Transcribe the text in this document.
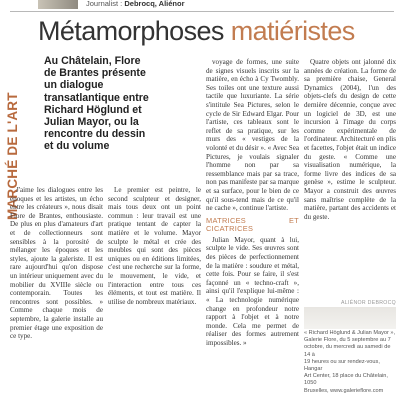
Journalist : Debrocq, Aliénor
MARCHÉ DE L'ART
Métamorphoses matiéristes
Au Châtelain, Flore de Brantes présente un dialogue transatlantique entre Richard Höglund et Julian Mayor, ou la rencontre du dessin et du volume

J'aime les dialogues entre les époques et les artistes, un écho entre les créateurs », nous disait Flore de Brantes, enthousiaste. De plus en plus d'amateurs d'art et de collectionneurs sont sensibles à la porosité de mélanger les époques et les styles, ajoute la galeriste. Il est rare aujourd'hui qu'on dispose un intérieur uniquement avec du mobilier du XVIIIe siècle ou contemporain. Toutes les rencontres sont possibles. » Comme chaque mois de septembre, la galerie installe au premier étage une exposition de ce type.

Le premier est peintre, le second sculpteur et designer, mais tous deux ont un point commun : leur travail est une pratique tentant de capter la matière et le volume. Mayor sculpte le métal et crée des meubles qui sont des pièces uniques ou en éditions limitées, c'est une recherche sur la forme, le mouvement, le vide, et l'interaction entre tous ces éléments, et tout est matière. Il utilise de nombreux matériaux.

voyage de formes, une suite de signes visuels inscrits sur la matière, en écho à Cy Twombly. Ses toiles ont une texture aussi tactile que luxuriante. La série s'intitule Sea Pictures, selon le cycle de Sir Edward Elgar. Pour l'artiste, ces tableaux sont le reflet de sa pratique, sur les murs des « vestiges de la volonté et du désir ». « Avec Sea Pictures, je voulais signaler l'homme non par sa ressemblance mais par sa trace, non pas manifeste par sa marque et sa surface, pour le bien de ce qu'il sous-tend mais de ce qu'il ne cache », continue l'artiste.

MATRICES ET CICATRICES

Julian Mayor, quant à lui, sculpte le vide. Ses œuvres sont des pièces de perfectionnement de la matière : soudure et métal, cette fois. Pour se faire, il s'est façonné un « techno-craft », ainsi qu'il l'explique lui-même : « La technologie numérique change en profondeur notre rapport à l'objet et à notre monde. Cela me permet de réaliser des formes autrement impossibles. »

Quatre objets ont jalonné dix années de création. La forme de sa première chaise, General Dynamics (2004), l'un des objets-clefs du design de cette dernière décennie, conçue avec un logiciel de 3D, est une incursion à l'image du corps comme expérimentale de l'ordinateur. Architecturé en plis et facettes, l'objet était un indice du geste. « Comme une visualisation numérique, la forme livre des indices de sa genèse », estime le sculpteur. Mayor a construit des œuvres sans maîtrise complète de la matière, partant des accidents et du geste.

ALIÉNOR DEBROCQ

« Richard Höglund & Julian Mayor »,

Galerie Flore, du 5 septembre au 7

octobre, du mercredi au samedi de 14 à

19 heures ou sur rendez-vous, Hangar

Art Center, 18 place du Châtelain, 1050

Bruxelles, www.galerieflore.com
